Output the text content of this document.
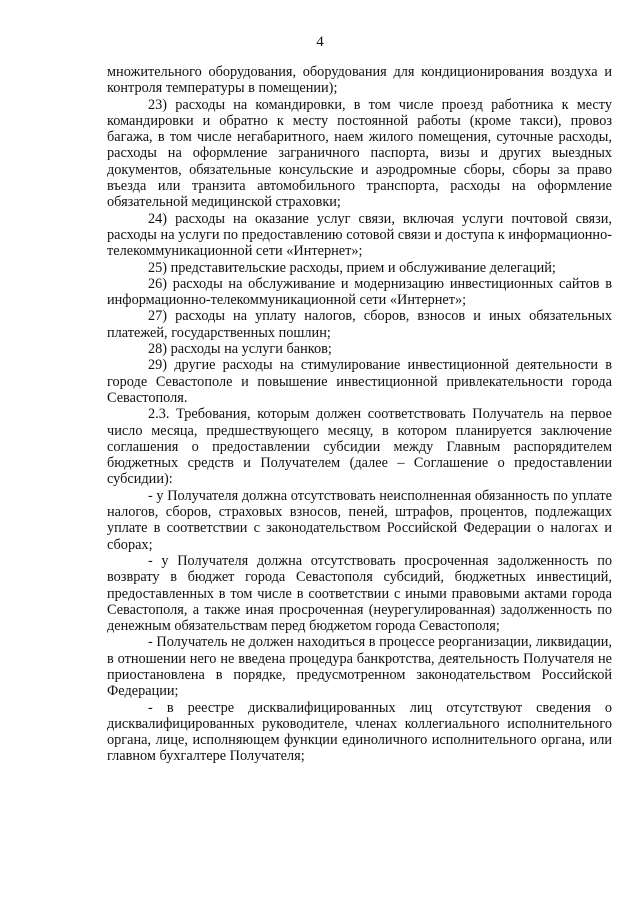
4

множительного оборудования, оборудования для кондиционирования воздуха и контроля температуры в помещении);

23) расходы на командировки, в том числе проезд работника к месту командировки и обратно к месту постоянной работы (кроме такси), провоз багажа, в том числе негабаритного, наем жилого помещения, суточные расходы, расходы на оформление заграничного паспорта, визы и других выездных документов, обязательные консульские и аэродромные сборы, сборы за право въезда или транзита автомобильного транспорта, расходы на оформление обязательной медицинской страховки;

24) расходы на оказание услуг связи, включая услуги почтовой связи, расходы на услуги по предоставлению сотовой связи и доступа к информационно-телекоммуникационной сети «Интернет»;

25) представительские расходы, прием и обслуживание делегаций;

26) расходы на обслуживание и модернизацию инвестиционных сайтов в информационно-телекоммуникационной сети «Интернет»;

27) расходы на уплату налогов, сборов, взносов и иных обязательных платежей, государственных пошлин;

28) расходы на услуги банков;

29) другие расходы на стимулирование инвестиционной деятельности в городе Севастополе и повышение инвестиционной привлекательности города Севастополя.

2.3. Требования, которым должен соответствовать Получатель на первое число месяца, предшествующего месяцу, в котором планируется заключение соглашения о предоставлении субсидии между Главным распорядителем бюджетных средств и Получателем (далее – Соглашение о предоставлении субсидии):

- у Получателя должна отсутствовать неисполненная обязанность по уплате налогов, сборов, страховых взносов, пеней, штрафов, процентов, подлежащих уплате в соответствии с законодательством Российской Федерации о налогах и сборах;

- у Получателя должна отсутствовать просроченная задолженность по возврату в бюджет города Севастополя субсидий, бюджетных инвестиций, предоставленных в том числе в соответствии с иными правовыми актами города Севастополя, а также иная просроченная (неурегулированная) задолженность по денежным обязательствам перед бюджетом города Севастополя;

- Получатель не должен находиться в процессе реорганизации, ликвидации, в отношении него не введена процедура банкротства, деятельность Получателя не приостановлена в порядке, предусмотренном законодательством Российской Федерации;

- в реестре дисквалифицированных лиц отсутствуют сведения о дисквалифицированных руководителе, членах коллегиального исполнительного органа, лице, исполняющем функции единоличного исполнительного органа, или главном бухгалтере Получателя;
